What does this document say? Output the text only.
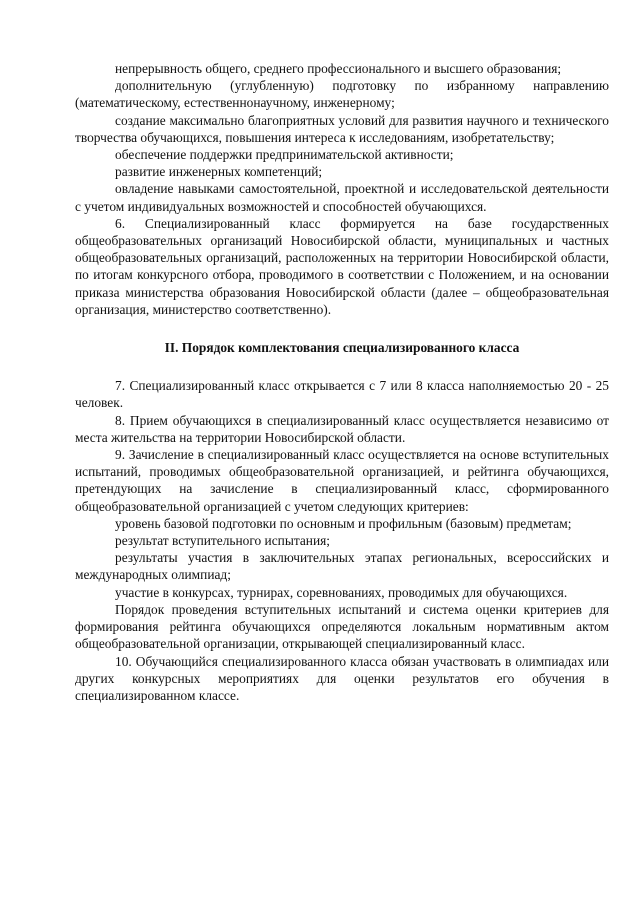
непрерывность общего, среднего профессионального и высшего образования;

дополнительную (углубленную) подготовку по избранному направлению (математическому, естественнонаучному, инженерному;

создание максимально благоприятных условий для развития научного и технического творчества обучающихся, повышения интереса к исследованиям, изобретательству;

обеспечение поддержки предпринимательской активности;

развитие инженерных компетенций;

овладение навыками самостоятельной, проектной и исследовательской деятельности с учетом индивидуальных возможностей и способностей обучающихся.

6. Специализированный класс формируется на базе государственных общеобразовательных организаций Новосибирской области, муниципальных и частных общеобразовательных организаций, расположенных на территории Новосибирской области, по итогам конкурсного отбора, проводимого в соответствии с Положением, и на основании приказа министерства образования Новосибирской области (далее – общеобразовательная организация, министерство соответственно).

II. Порядок комплектования специализированного класса

7. Специализированный класс открывается с 7 или 8 класса наполняемостью 20 - 25 человек.

8. Прием обучающихся в специализированный класс осуществляется независимо от места жительства на территории Новосибирской области.

9. Зачисление в специализированный класс осуществляется на основе вступительных испытаний, проводимых общеобразовательной организацией, и рейтинга обучающихся, претендующих на зачисление в специализированный класс, сформированного общеобразовательной организацией с учетом следующих критериев:

уровень базовой подготовки по основным и профильным (базовым) предметам;

результат вступительного испытания;

результаты участия в заключительных этапах региональных, всероссийских и международных олимпиад;

участие в конкурсах, турнирах, соревнованиях, проводимых для обучающихся.

Порядок проведения вступительных испытаний и система оценки критериев для формирования рейтинга обучающихся определяются локальным нормативным актом общеобразовательной организации, открывающей специализированный класс.

10. Обучающийся специализированного класса обязан участвовать в олимпиадах или других конкурсных мероприятиях для оценки результатов его обучения в специализированном классе.
